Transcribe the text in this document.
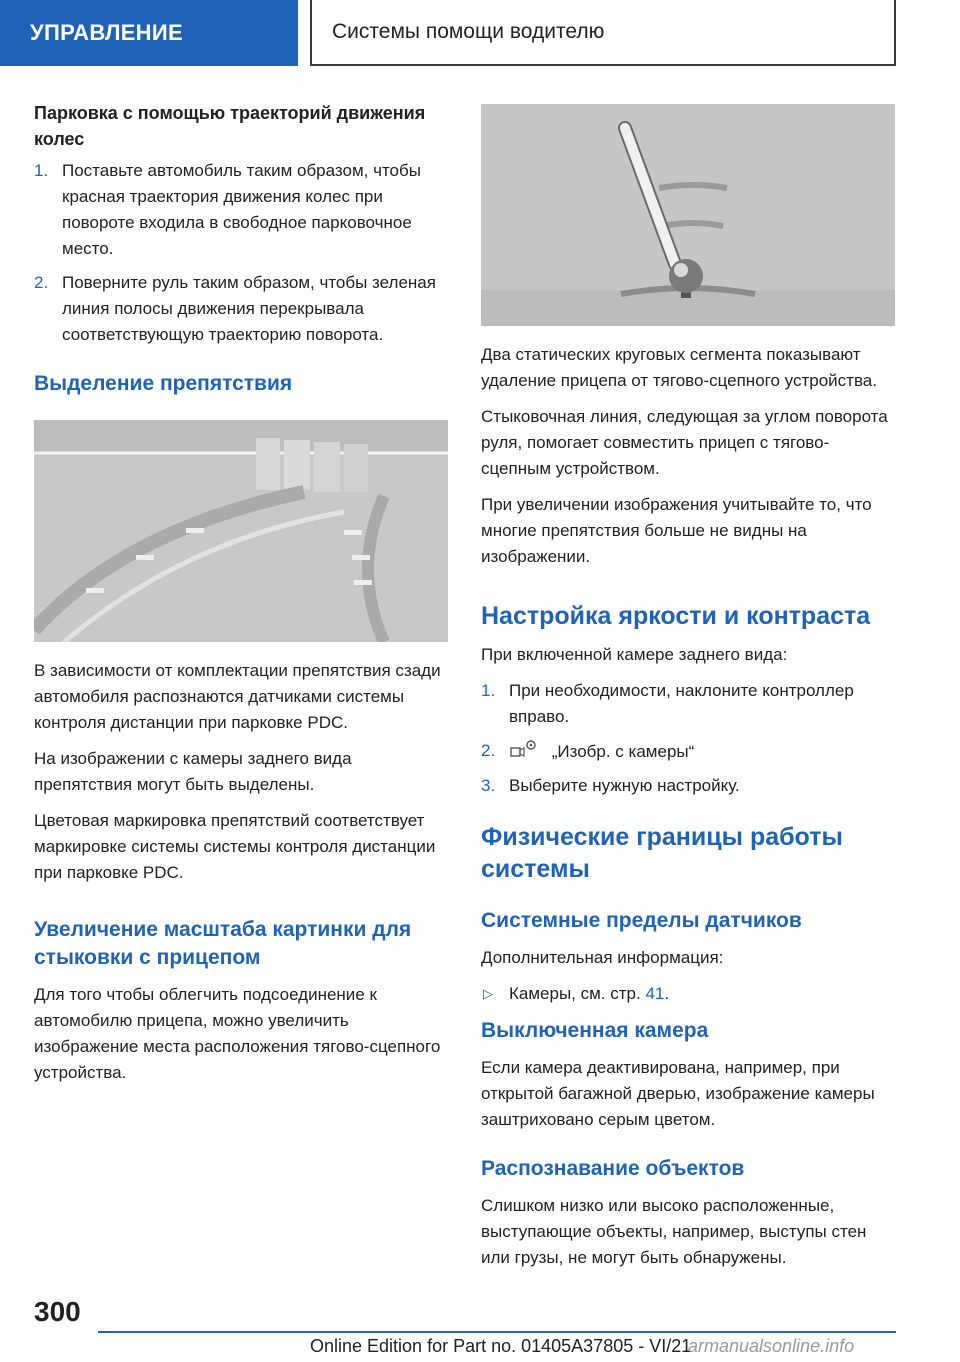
УПРАВЛЕНИЕ	Системы помощи водителю

Парковка с помощью траекторий движения колес

1. Поставьте автомобиль таким образом, чтобы красная траектория движения колес при повороте входила в свободное парковочное место.
2. Поверните руль таким образом, чтобы зеленая линия полосы движения перекрывала соответствующую траекторию поворота.
Выделение препятствия

В зависимости от комплектации препятствия сзади автомобиля распознаются датчиками системы контроля дистанции при парковке PDC.

На изображении с камеры заднего вида препятствия могут быть выделены.

Цветовая маркировка препятствий соответствует маркировке системы системы контроля дистанции при парковке PDC.

Увеличение масштаба картинки для стыковки с прицепом

Для того чтобы облегчить подсоединение к автомобилю прицепа, можно увеличить изображение места расположения тягово-сцепного устройства.

Два статических круговых сегмента показывают удаление прицепа от тягово-сцепного устройства.

Стыковочная линия, следующая за углом поворота руля, помогает совместить прицеп с тягово-сцепным устройством.

При увеличении изображения учитывайте то, что многие препятствия больше не видны на изображении.

Настройка яркости и контраста

При включенной камере заднего вида:

1. При необходимости, наклоните контроллер вправо.
2.	„Изобр. с камеры“
3. Выберите нужную настройку.
Физические границы работы системы
Системные пределы датчиков

Дополнительная информация:

▷ Камеры, см. стр. 41.
Выключенная камера

Если камера деактивирована, например, при открытой багажной дверью, изображение камеры заштриховано серым цветом.

Распознавание объектов

Слишком низко или высоко расположенные, выступающие объекты, например, выступы стен или грузы, не могут быть обнаружены.

300
Online Edition for Part no. 01405A37805 - VI/21
armanualsonline.info
